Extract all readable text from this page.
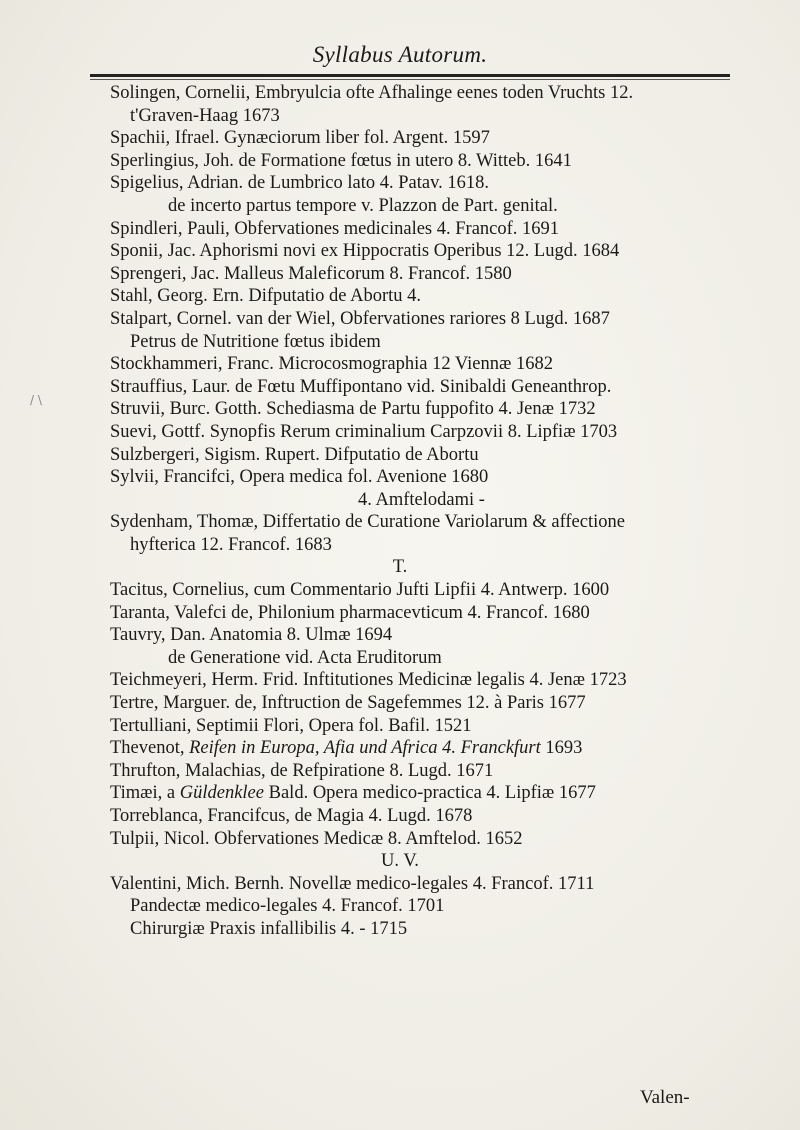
Syllabus Autorum.
/ \
Solingen, Cornelii, Embryulcia ofte Afhalinge eenes toden Vruchts 12.
t'Graven-Haag 1673
Spachii, Ifrael. Gynæciorum liber fol. Argent. 1597
Sperlingius, Joh. de Formatione fœtus in utero 8. Witteb. 1641
Spigelius, Adrian. de Lumbrico lato 4. Patav. 1618.
de incerto partus tempore v. Plazzon de Part. genital.
Spindleri, Pauli, Obfervationes medicinales 4. Francof. 1691
Sponii, Jac. Aphorismi novi ex Hippocratis Operibus 12. Lugd. 1684
Sprengeri, Jac. Malleus Maleficorum 8. Francof. 1580
Stahl, Georg. Ern. Difputatio de Abortu 4.
Stalpart, Cornel. van der Wiel, Obfervationes rariores 8 Lugd. 1687
Petrus de Nutritione fœtus ibidem
Stockhammeri, Franc. Microcosmographia 12 Viennæ 1682
Strauffius, Laur. de Fœtu Muffipontano vid. Sinibaldi Geneanthrop.
Struvii, Burc. Gotth. Schediasma de Partu fuppofito 4. Jenæ 1732
Suevi, Gottf. Synopfis Rerum criminalium Carpzovii 8. Lipfiæ 1703
Sulzbergeri, Sigism. Rupert. Difputatio de Abortu
Sylvii, Francifci, Opera medica fol. Avenione 1680
4. Amftelodami -
Sydenham, Thomæ, Differtatio de Curatione Variolarum & affectione
hyfterica 12. Francof. 1683
T.
Tacitus, Cornelius, cum Commentario Jufti Lipfii 4. Antwerp. 1600
Taranta, Valefci de, Philonium pharmacevticum 4. Francof. 1680
Tauvry, Dan. Anatomia 8. Ulmæ 1694
de Generatione vid. Acta Eruditorum
Teichmeyeri, Herm. Frid. Inftitutiones Medicinæ legalis 4. Jenæ 1723
Tertre, Marguer. de, Inftruction de Sagefemmes 12. à Paris 1677
Tertulliani, Septimii Flori, Opera fol. Bafil. 1521
Thevenot, Reifen in Europa, Afia und Africa 4. Franckfurt 1693
Thrufton, Malachias, de Refpiratione 8. Lugd. 1671
Timæi, a Güldenklee Bald. Opera medico-practica 4. Lipfiæ 1677
Torreblanca, Francifcus, de Magia 4. Lugd. 1678
Tulpii, Nicol. Obfervationes Medicæ 8. Amftelod. 1652
U. V.
Valentini, Mich. Bernh. Novellæ medico-legales 4. Francof. 1711
Pandectæ medico-legales 4. Francof. 1701
Chirurgiæ Praxis infallibilis 4. - 1715
Valen-
